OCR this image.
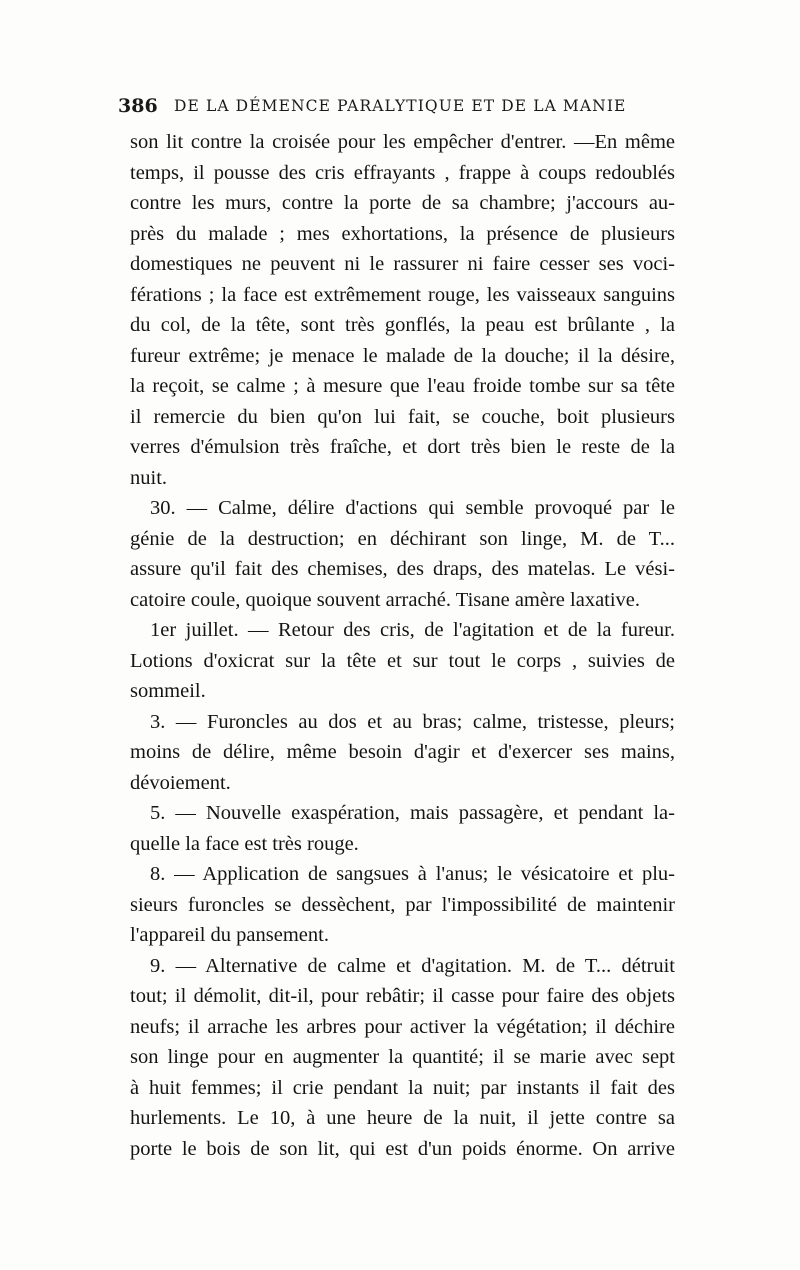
386 DE LA DÉMENCE PARALYTIQUE ET DE LA MANIE
son lit contre la croisée pour les empêcher d'entrer. —En même
temps, il pousse des cris effrayants , frappe à coups redoublés
contre les murs, contre la porte de sa chambre; j'accours au-
près du malade ; mes exhortations, la présence de plusieurs
domestiques ne peuvent ni le rassurer ni faire cesser ses voci-
férations ; la face est extrêmement rouge, les vaisseaux sanguins
du col, de la tête, sont très gonflés, la peau est brûlante , la
fureur extrême; je menace le malade de la douche; il la désire,
la reçoit, se calme ; à mesure que l'eau froide tombe sur sa tête
il remercie du bien qu'on lui fait, se couche, boit plusieurs
verres d'émulsion très fraîche, et dort très bien le reste de la
nuit.
30. — Calme, délire d'actions qui semble provoqué par le
génie de la destruction; en déchirant son linge, M. de T...
assure qu'il fait des chemises, des draps, des matelas. Le vési-
catoire coule, quoique souvent arraché. Tisane amère laxative.
1er juillet. — Retour des cris, de l'agitation et de la fureur.
Lotions d'oxicrat sur la tête et sur tout le corps , suivies de
sommeil.
3. — Furoncles au dos et au bras; calme, tristesse, pleurs;
moins de délire, même besoin d'agir et d'exercer ses mains,
dévoiement.
5. — Nouvelle exaspération, mais passagère, et pendant la-
quelle la face est très rouge.
8. — Application de sangsues à l'anus; le vésicatoire et plu-
sieurs furoncles se dessèchent, par l'impossibilité de maintenir
l'appareil du pansement.
9. — Alternative de calme et d'agitation. M. de T... détruit
tout; il démolit, dit-il, pour rebâtir; il casse pour faire des objets
neufs; il arrache les arbres pour activer la végétation; il déchire
son linge pour en augmenter la quantité; il se marie avec sept
à huit femmes; il crie pendant la nuit; par instants il fait des
hurlements. Le 10, à une heure de la nuit, il jette contre sa
porte le bois de son lit, qui est d'un poids énorme. On arrive
